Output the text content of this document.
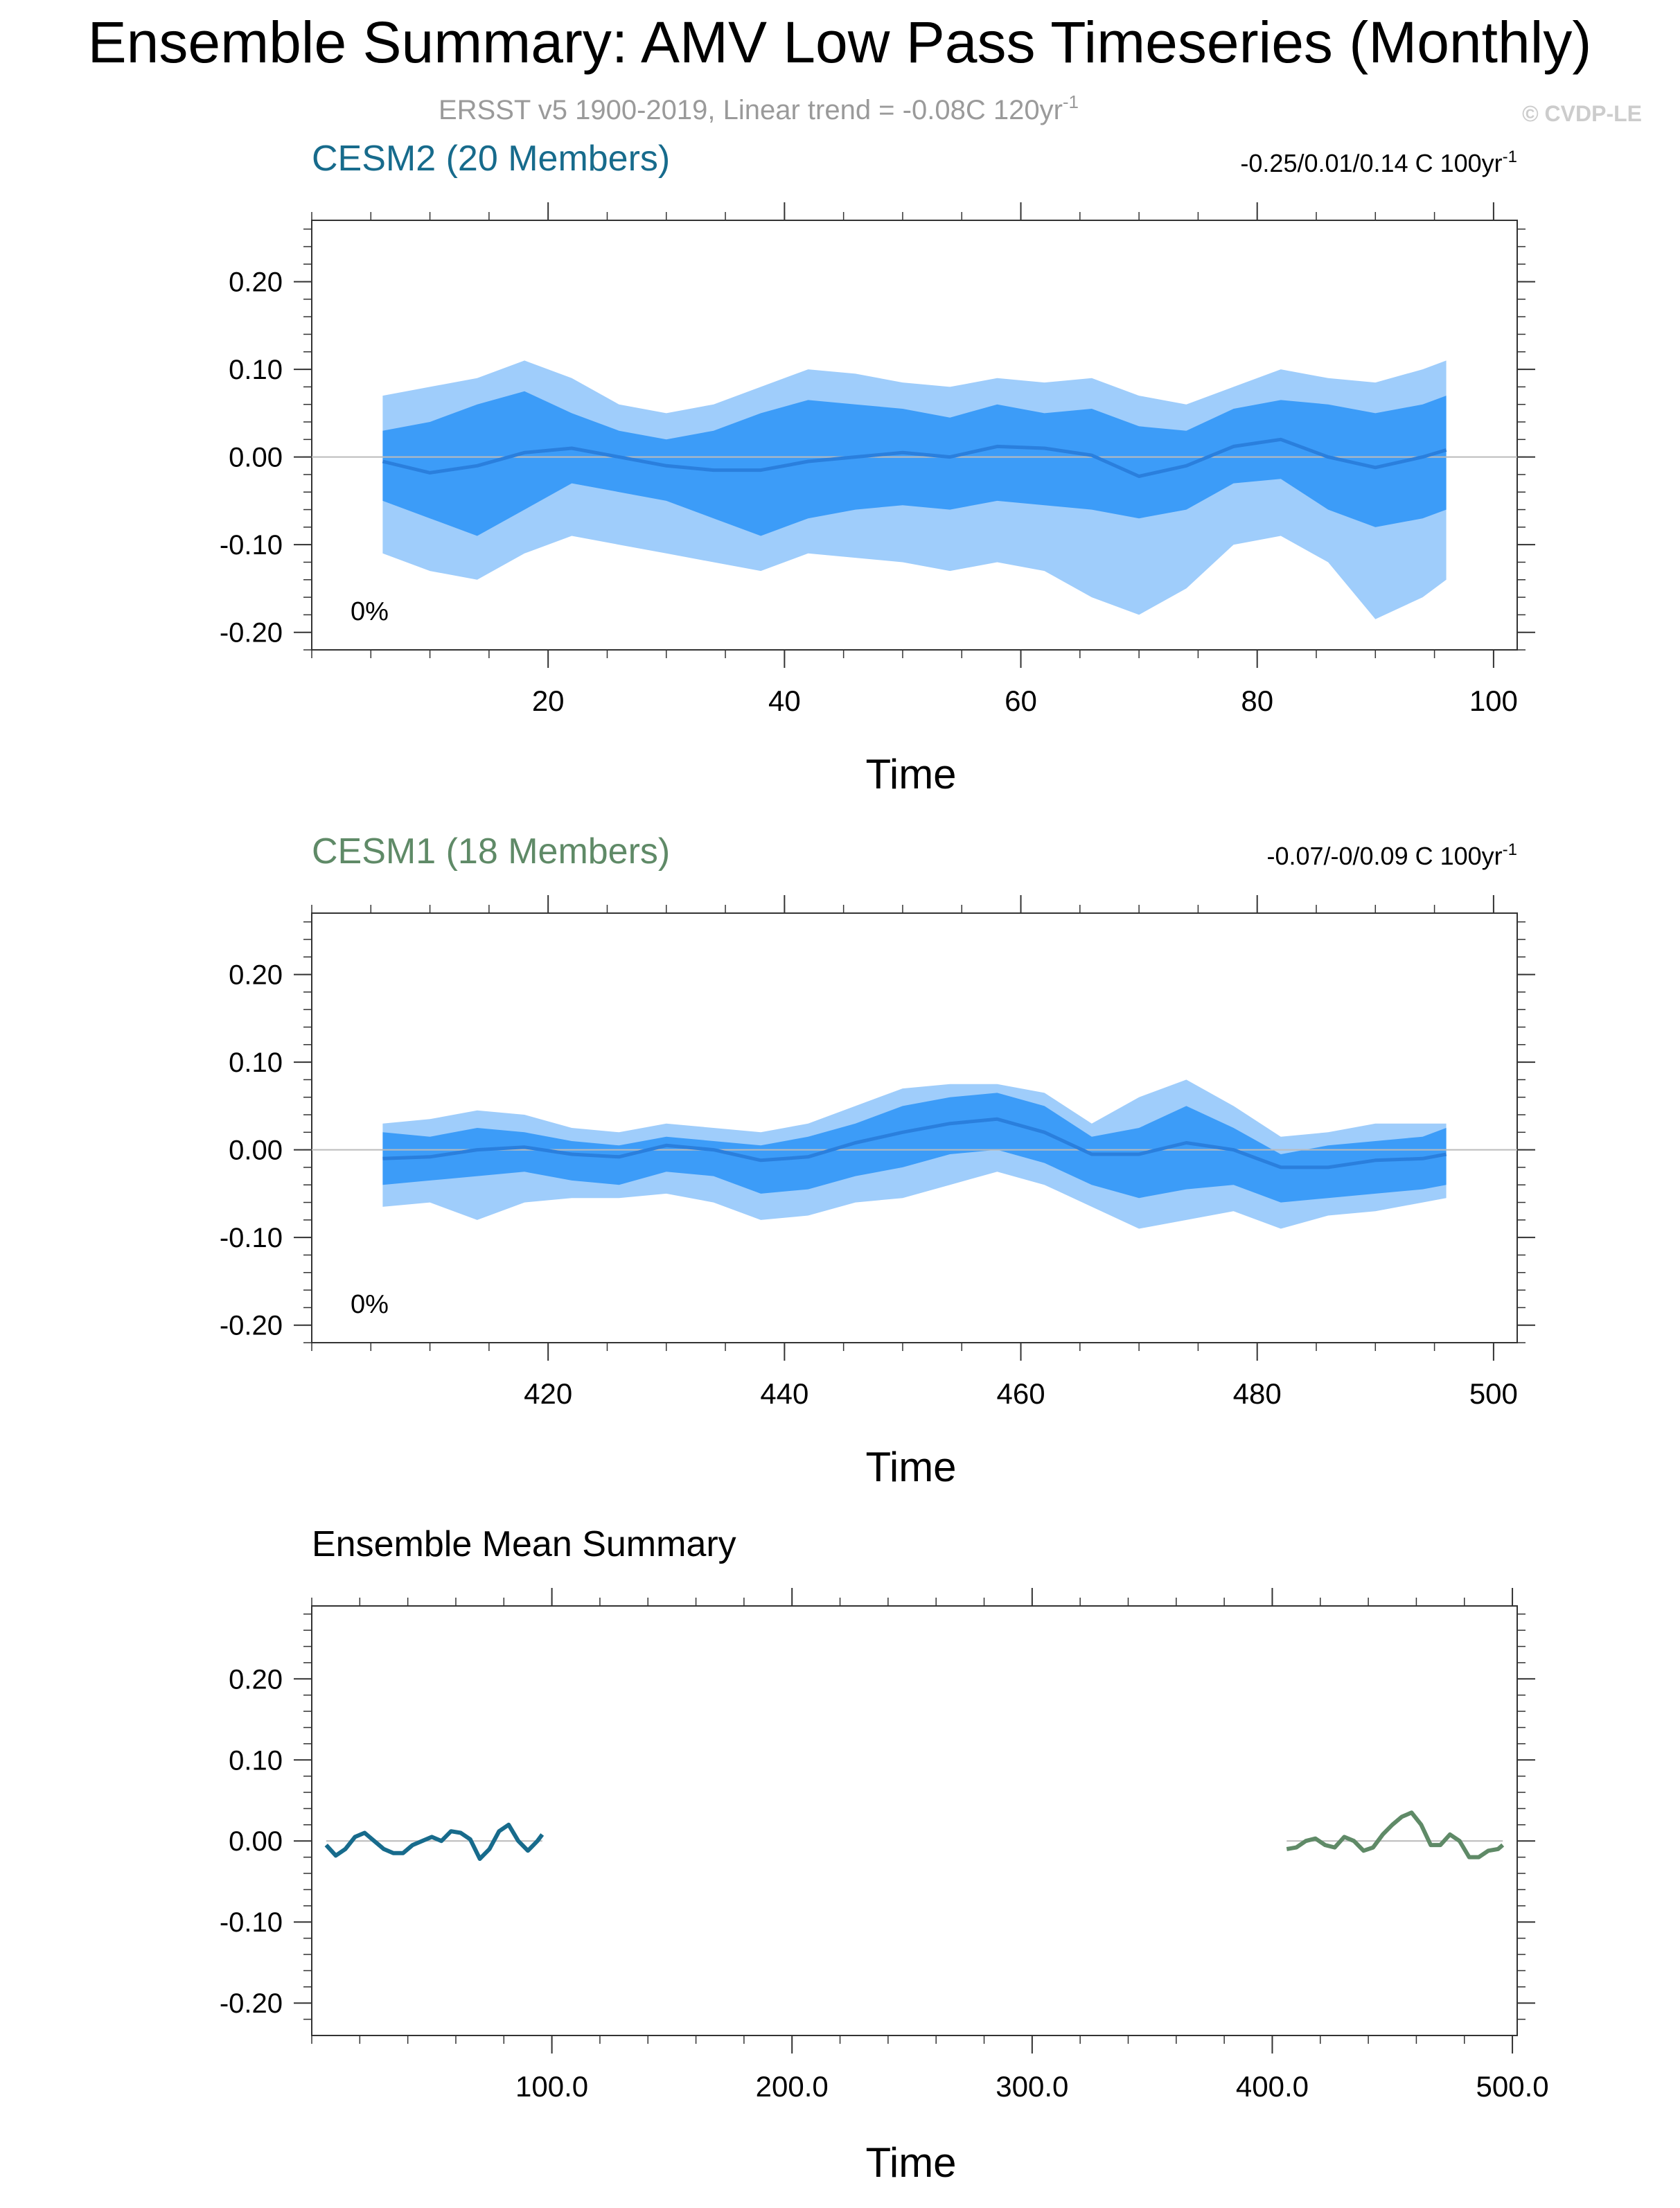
Ensemble Summary: AMV Low Pass Timeseries (Monthly)
ERSST v5 1900-2019, Linear trend = -0.08C $120yr^{-1}$	© CVDP-LE
CESM2 (20 Members)	-0.25/0.01/0.14 C $100yr^{-1}$
0%
Time
0.20
0.10
0.00
-0.10
-0.20
20	40	60	80	100
CESM1 (18 Members)	-0.07/-0/0.09 C $100yr^{-1}$
0%
Time
0.20
0.10
0.00
-0.10
-0.20
420	440	460	480	500
Ensemble Mean Summary
Time
0.20
0.10
0.00
-0.10
-0.20
100.0	200.0	300.0	400.0	500.0
